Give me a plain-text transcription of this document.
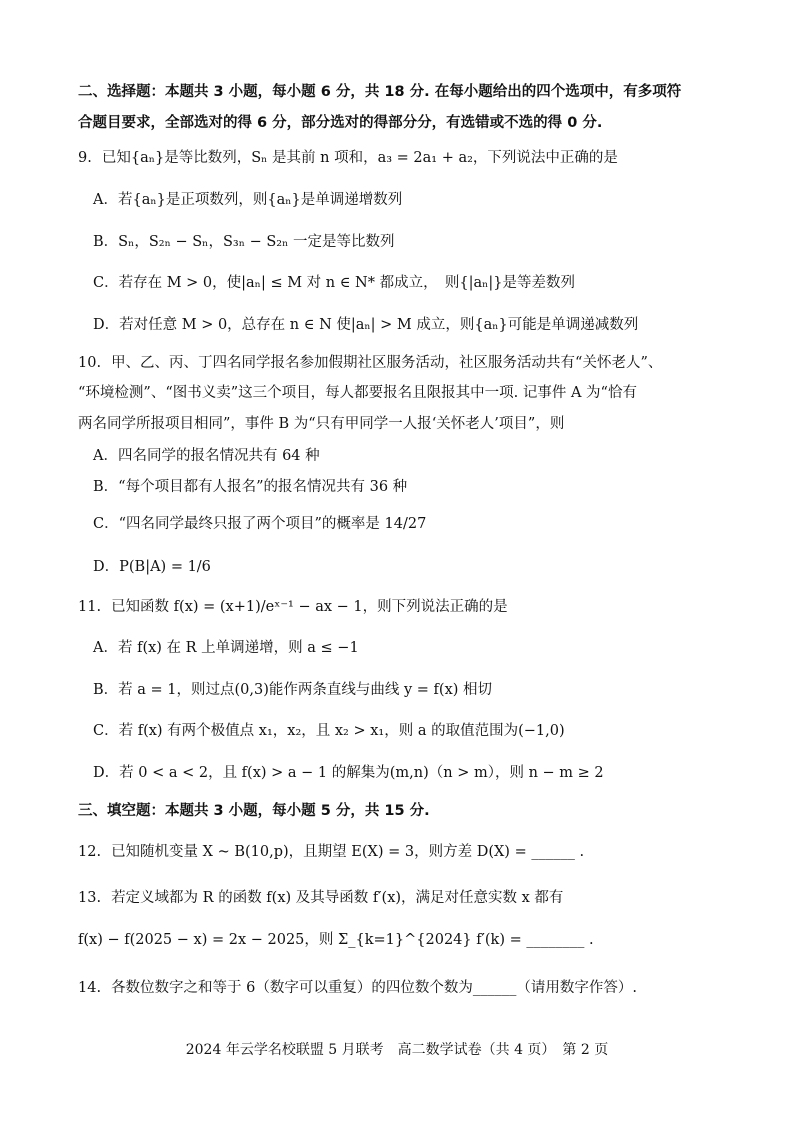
二、选择题：本题共 3 小题，每小题 6 分，共 18 分. 在每小题给出的四个选项中，有多项符
合题目要求，全部选对的得 6 分，部分选对的得部分分，有选错或不选的得 0 分.
9. 已知{aₙ}是等比数列，Sₙ 是其前 n 项和，a₃ = 2a₁ + a₂，下列说法中正确的是
A．若{aₙ}是正项数列，则{aₙ}是单调递增数列
B．Sₙ，S₂ₙ − Sₙ，S₃ₙ − S₂ₙ 一定是等比数列
C．若存在 M > 0，使|aₙ| ≤ M 对 n ∈ N* 都成立，　则{|aₙ|}是等差数列
D．若对任意 M > 0，总存在 n ∈ N 使|aₙ| > M 成立，则{aₙ}可能是单调递减数列
10. 甲、乙、丙、丁四名同学报名参加假期社区服务活动，社区服务活动共有“关怀老人”、
“环境检测”、“图书义卖”这三个项目，每人都要报名且限报其中一项. 记事件 A 为“恰有
两名同学所报项目相同”，事件 B 为“只有甲同学一人报‘关怀老人’项目”，则
A．四名同学的报名情况共有 64 种
B．“每个项目都有人报名”的报名情况共有 36 种
C．“四名同学最终只报了两个项目”的概率是 14/27
D．P(B|A) = 1/6
11. 已知函数 f(x) = (x+1)/eˣ⁻¹ − ax − 1，则下列说法正确的是
A．若 f(x) 在 R 上单调递增，则 a ≤ −1
B．若 a = 1，则过点(0,3)能作两条直线与曲线 y = f(x) 相切
C．若 f(x) 有两个极值点 x₁，x₂，且 x₂ > x₁，则 a 的取值范围为(−1,0)
D．若 0 < a < 2，且 f(x) > a − 1 的解集为(m,n)（n > m），则 n − m ≥ 2
三、填空题：本题共 3 小题，每小题 5 分，共 15 分.
12. 已知随机变量 X ~ B(10,p)，且期望 E(X) = 3，则方差 D(X) = ______ .
13. 若定义域都为 R 的函数 f(x) 及其导函数 f′(x)，满足对任意实数 x 都有
f(x) − f(2025 − x) = 2x − 2025，则 Σ_{k=1}^{2024} f′(k) = ________ .
14. 各数位数字之和等于 6（数字可以重复）的四位数个数为______（请用数字作答）.
2024 年云学名校联盟 5 月联考　高二数学试卷（共 4 页）　第 2 页
